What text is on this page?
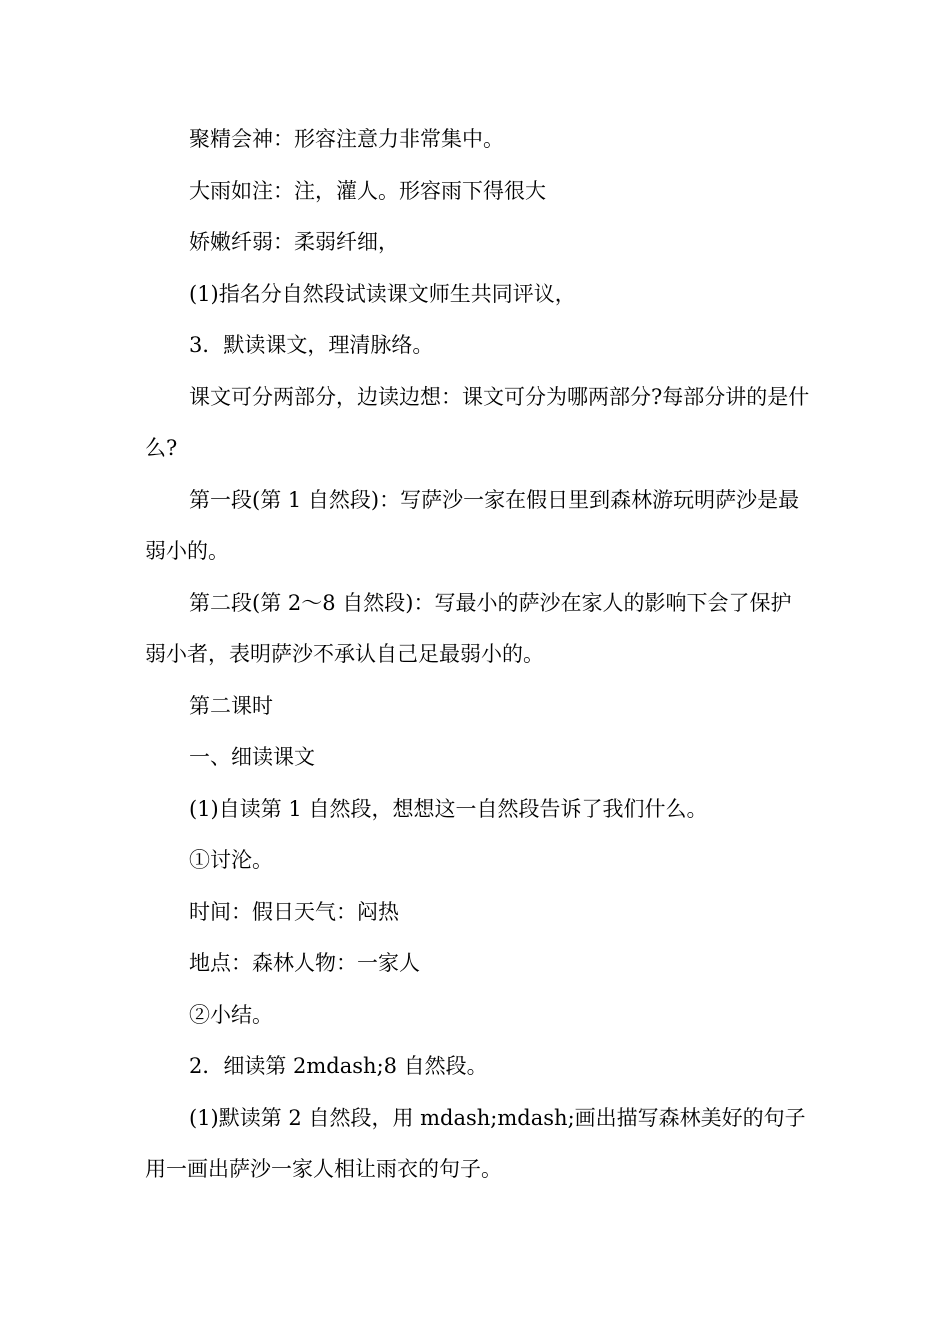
聚精会神：形容注意力非常集中。

大雨如注：注，灌人。形容雨下得很大

娇嫩纤弱：柔弱纤细，

(1)指名分自然段试读课文师生共同评议，

3．默读课文，理清脉络。

课文可分两部分，边读边想：课文可分为哪两部分?每部分讲的是什么?

第一段(第 1 自然段)：写萨沙一家在假日里到森林游玩明萨沙是最弱小的。

第二段(第 2～8 自然段)：写最小的萨沙在家人的影响下会了保护弱小者，表明萨沙不承认自己足最弱小的。

第二课时

一、细读课文

(1)自读第 1 自然段，想想这一自然段告诉了我们什么。

①讨沦。

时间：假日天气：闷热

地点：森林人物：一家人

②小结。

2．细读第 2mdash;8 自然段。

(1)默读第 2 自然段，用 mdash;mdash;画出描写森林美好的句子用一画出萨沙一家人相让雨衣的句子。
